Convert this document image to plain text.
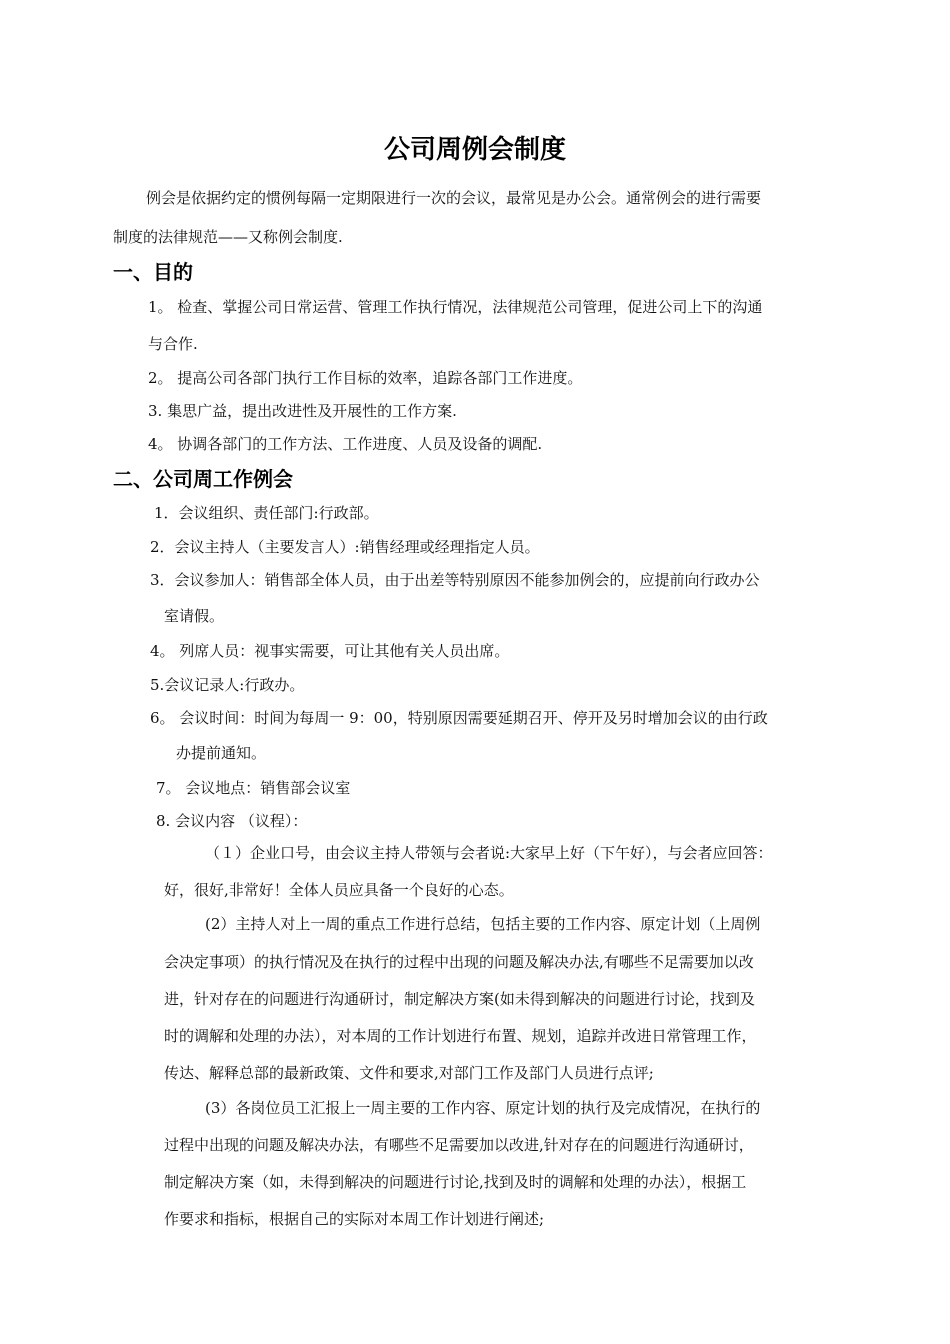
公司周例会制度
例会是依据约定的惯例每隔一定期限进行一次的会议，最常见是办公会。通常例会的进行需要
制度的法律规范——又称例会制度.
一、目的
1。 检查、掌握公司日常运营、管理工作执行情况，法律规范公司管理，促进公司上下的沟通
与合作.
2。 提高公司各部门执行工作目标的效率，追踪各部门工作进度。
3. 集思广益，提出改进性及开展性的工作方案.
4。 协调各部门的工作方法、工作进度、人员及设备的调配.
二、公司周工作例会
1．会议组织、责任部门:行政部。
2．会议主持人（主要发言人）:销售经理或经理指定人员。
3．会议参加人：销售部全体人员，由于出差等特别原因不能参加例会的，应提前向行政办公
室请假。
4。 列席人员：视事实需要，可让其他有关人员出席。
5.会议记录人:行政办。
6。 会议时间：时间为每周一 9：00，特别原因需要延期召开、停开及另时增加会议的由行政
办提前通知。
7。 会议地点：销售部会议室
8. 会议内容 （议程）：
（１）企业口号，由会议主持人带领与会者说:大家早上好（下午好），与会者应回答：
好，很好,非常好！全体人员应具备一个良好的心态。
(2）主持人对上一周的重点工作进行总结，包括主要的工作内容、原定计划（上周例
会决定事项）的执行情况及在执行的过程中出现的问题及解决办法,有哪些不足需要加以改
进，针对存在的问题进行沟通研讨，制定解决方案(如未得到解决的问题进行讨论，找到及
时的调解和处理的办法），对本周的工作计划进行布置、规划，追踪并改进日常管理工作，
传达、解释总部的最新政策、文件和要求,对部门工作及部门人员进行点评;
(3）各岗位员工汇报上一周主要的工作内容、原定计划的执行及完成情况，在执行的
过程中出现的问题及解决办法，有哪些不足需要加以改进,针对存在的问题进行沟通研讨，
制定解决方案（如，未得到解决的问题进行讨论,找到及时的调解和处理的办法），根据工
作要求和指标，根据自己的实际对本周工作计划进行阐述;
